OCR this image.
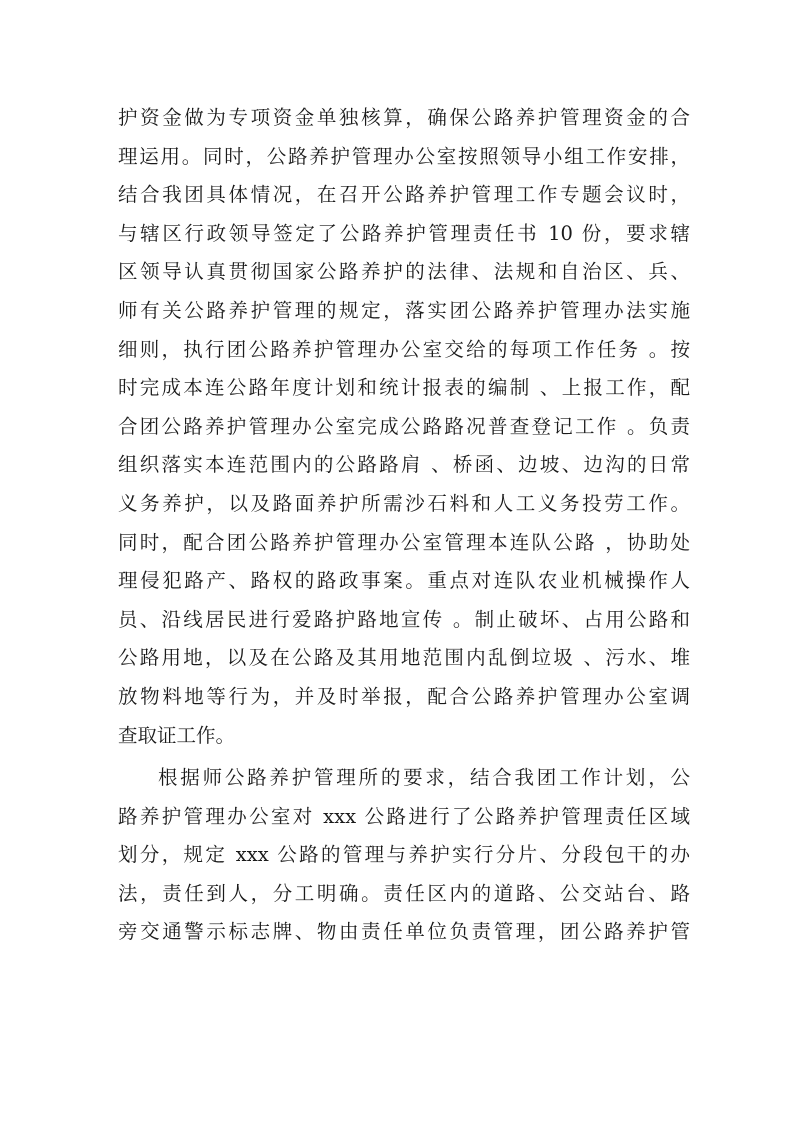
护资金做为专项资金单独核算，确保公路养护管理资金的合
理运用。同时，公路养护管理办公室按照领导小组工作安排，
结合我团具体情况，在召开公路养护管理工作专题会议时，
与辖区行政领导签定了公路养护管理责任书 10 份，要求辖
区领导认真贯彻国家公路养护的法律、法规和自治区、兵、
师有关公路养护管理的规定，落实团公路养护管理办法实施
细则，执行团公路养护管理办公室交给的每项工作任务 。按
时完成本连公路年度计划和统计报表的编制 、上报工作，配
合团公路养护管理办公室完成公路路况普查登记工作 。负责
组织落实本连范围内的公路路肩 、桥函、边坡、边沟的日常
义务养护，以及路面养护所需沙石料和人工义务投劳工作。
同时，配合团公路养护管理办公室管理本连队公路 ，协助处
理侵犯路产、路权的路政事案。重点对连队农业机械操作人
员、沿线居民进行爱路护路地宣传 。制止破坏、占用公路和
公路用地，以及在公路及其用地范围内乱倒垃圾 、污水、堆
放物料地等行为，并及时举报，配合公路养护管理办公室调
查取证工作。
根据师公路养护管理所的要求，结合我团工作计划，公
路养护管理办公室对 xxx 公路进行了公路养护管理责任区域
划分，规定 xxx 公路的管理与养护实行分片、分段包干的办
法，责任到人，分工明确。责任区内的道路、公交站台、路
旁交通警示标志牌、物由责任单位负责管理，团公路养护管
